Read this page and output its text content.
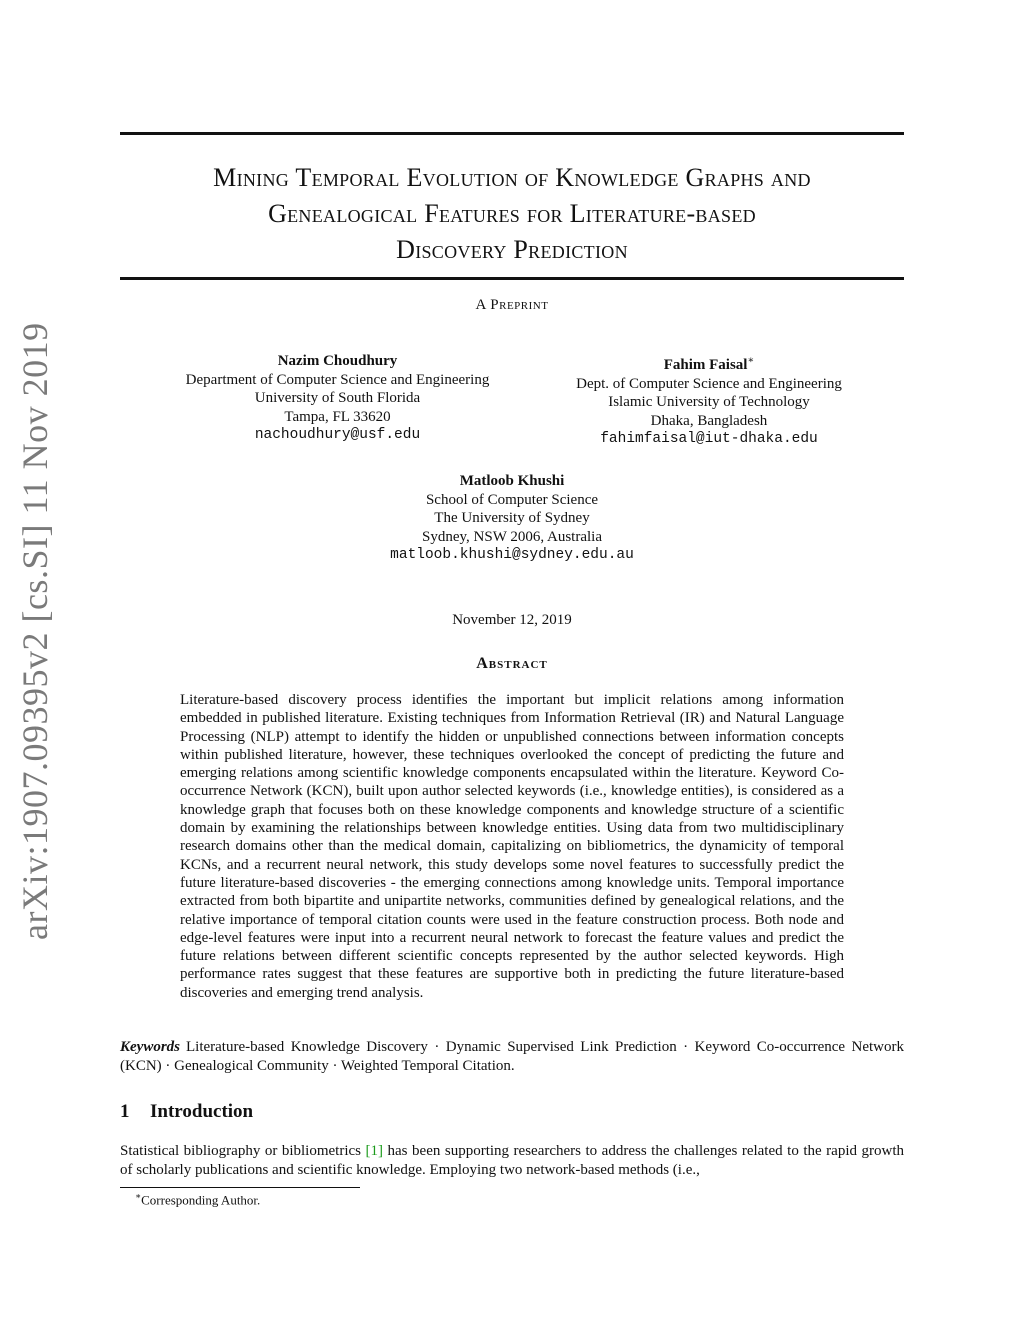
arXiv:1907.09395v2 [cs.SI] 11 Nov 2019
Mining Temporal Evolution of Knowledge Graphs and
Genealogical Features for Literature-based
Discovery Prediction
A Preprint
Nazim Choudhury
Department of Computer Science and Engineering
University of South Florida
Tampa, FL 33620
nachoudhury@usf.edu
Fahim Faisal∗
Dept. of Computer Science and Engineering
Islamic University of Technology
Dhaka, Bangladesh
fahimfaisal@iut-dhaka.edu
Matloob Khushi
School of Computer Science
The University of Sydney
Sydney, NSW 2006, Australia
matloob.khushi@sydney.edu.au
November 12, 2019
Abstract
Literature-based discovery process identifies the important but implicit relations among information embedded in published literature. Existing techniques from Information Retrieval (IR) and Natural Language Processing (NLP) attempt to identify the hidden or unpublished connections between information concepts within published literature, however, these techniques overlooked the concept of predicting the future and emerging relations among scientific knowledge components encapsulated within the literature. Keyword Co-occurrence Network (KCN), built upon author selected keywords (i.e., knowledge entities), is considered as a knowledge graph that focuses both on these knowledge components and knowledge structure of a scientific domain by examining the relationships between knowledge entities. Using data from two multidisciplinary research domains other than the medical domain, capitalizing on bibliometrics, the dynamicity of temporal KCNs, and a recurrent neural network, this study develops some novel features to successfully predict the future literature-based discoveries - the emerging connections among knowledge units. Temporal importance extracted from both bipartite and unipartite networks, communities defined by genealogical relations, and the relative importance of temporal citation counts were used in the feature construction process. Both node and edge-level features were input into a recurrent neural network to forecast the feature values and predict the future relations between different scientific concepts represented by the author selected keywords. High performance rates suggest that these features are supportive both in predicting the future literature-based discoveries and emerging trend analysis.
Keywords Literature-based Knowledge Discovery · Dynamic Supervised Link Prediction · Keyword Co-occurrence Network (KCN) · Genealogical Community · Weighted Temporal Citation.
1 Introduction
Statistical bibliography or bibliometrics [1] has been supporting researchers to address the challenges related to the rapid growth of scholarly publications and scientific knowledge. Employing two network-based methods (i.e.,
∗Corresponding Author.
